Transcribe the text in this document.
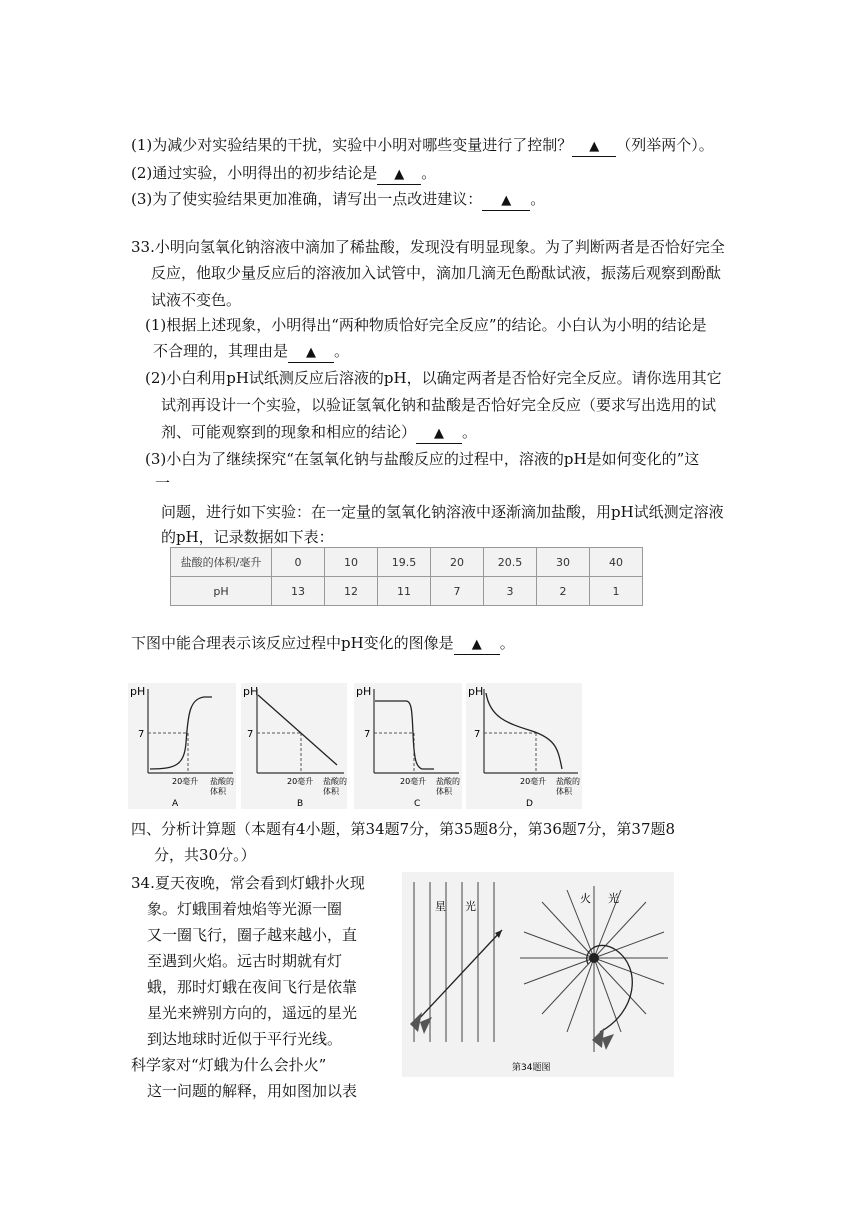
(1)为减少对实验结果的干扰，实验中小明对哪些变量进行了控制？ ▲ （列举两个）。
(2)通过实验，小明得出的初步结论是 ▲ 。
(3)为了使实验结果更加准确，请写出一点改进建议： ▲ 。
33.小明向氢氧化钠溶液中滴加了稀盐酸，发现没有明显现象。为了判断两者是否恰好完全
反应，他取少量反应后的溶液加入试管中，滴加几滴无色酚酞试液，振荡后观察到酚酞
试液不变色。
(1)根据上述现象，小明得出“两种物质恰好完全反应”的结论。小白认为小明的结论是
不合理的，其理由是 ▲ 。
(2)小白利用pH试纸测反应后溶液的pH，以确定两者是否恰好完全反应。请你选用其它
试剂再设计一个实验，以验证氢氧化钠和盐酸是否恰好完全反应（要求写出选用的试
剂、可能观察到的现象和相应的结论） ▲ 。
(3)小白为了继续探究“在氢氧化钠与盐酸反应的过程中，溶液的pH是如何变化的”这
一
问题，进行如下实验：在一定量的氢氧化钠溶液中逐渐滴加盐酸，用pH试纸测定溶液
的pH，记录数据如下表：
盐酸的体积/毫升	0	10	19.5	20	20.5	30	40
pH	13	12	11	7	3	2	1
下图中能合理表示该反应过程中pH变化的图像是 ▲ 。
pH
7
20毫升 盐酸的
体积
A
pH
7
20毫升 盐酸的
体积
B
pH
7
20毫升 盐酸的
体积
C
pH
7
20毫升 盐酸的
体积
D
四、分析计算题（本题有4小题，第34题7分，第35题8分，第36题7分，第37题8
分，共30分。）
34.夏天夜晚，常会看到灯蛾扑火现
象。灯蛾围着烛焰等光源一圈
又一圈飞行，圈子越来越小，直
至遇到火焰。远古时期就有灯
蛾，那时灯蛾在夜间飞行是依靠
星光来辨别方向的，遥远的星光
到达地球时近似于平行光线。
科学家对“灯蛾为什么会扑火”
这一问题的解释，用如图加以表
星 光
火 光
第34题图
